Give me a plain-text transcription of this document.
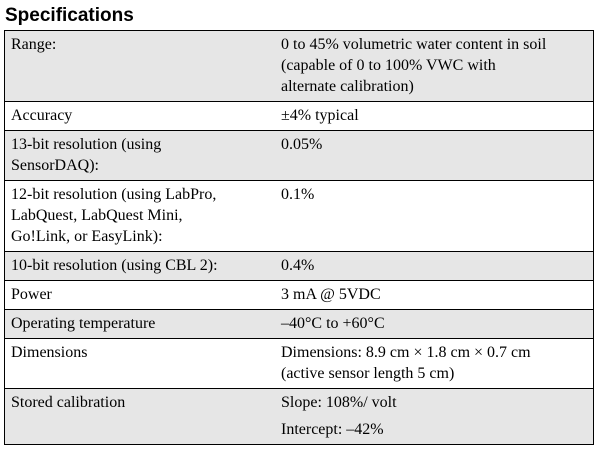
Specifications
Range:	0 to 45% volumetric water content in soil
(capable of 0 to 100% VWC with
alternate calibration)

Accuracy	±4% typical

13-bit resolution (using
SensorDAQ):	0.05%

12-bit resolution (using LabPro,
LabQuest, LabQuest Mini,
Go!Link, or EasyLink):	0.1%

10-bit resolution (using CBL 2):	0.4%

Power	3 mA @ 5VDC

Operating temperature	–40°C to +60°C

Dimensions	Dimensions: 8.9 cm × 1.8 cm × 0.7 cm
(active sensor length 5 cm)

Stored calibration	Slope: 108%/ volt
Intercept: –42%
